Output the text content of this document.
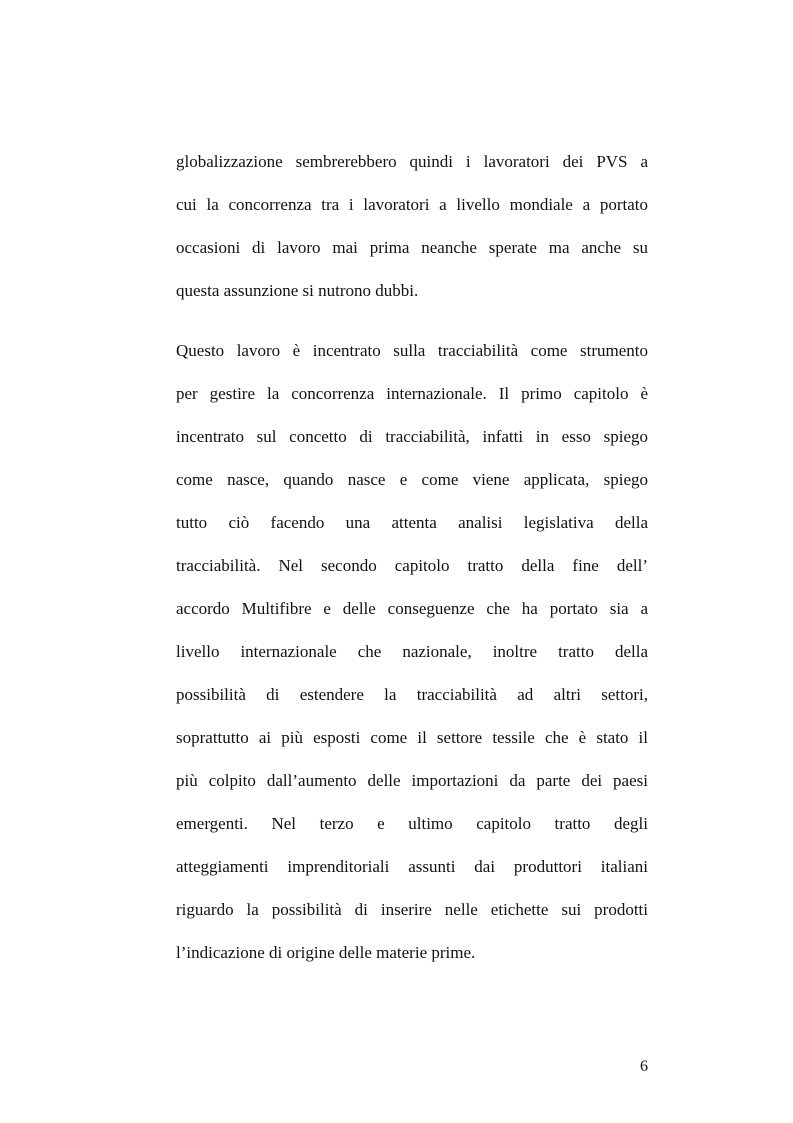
globalizzazione sembrerebbero quindi i lavoratori dei PVS a
cui la concorrenza tra i lavoratori a livello mondiale a portato
occasioni di lavoro mai prima neanche sperate ma anche su
questa assunzione si nutrono dubbi.
Questo lavoro è incentrato sulla tracciabilità come strumento
per gestire la concorrenza internazionale. Il primo capitolo è
incentrato sul concetto di tracciabilità, infatti in esso spiego
come nasce, quando nasce e come viene applicata, spiego
tutto ciò facendo una attenta analisi legislativa della
tracciabilità. Nel secondo capitolo tratto della fine dell’
accordo Multifibre e delle conseguenze che ha portato sia a
livello internazionale che nazionale, inoltre tratto della
possibilità di estendere la tracciabilità ad altri settori,
soprattutto ai più esposti come il settore tessile che è stato il
più colpito dall’aumento delle importazioni da parte dei paesi
emergenti. Nel terzo e ultimo capitolo tratto degli
atteggiamenti imprenditoriali assunti dai produttori italiani
riguardo la possibilità di inserire nelle etichette sui prodotti
l’indicazione di origine delle materie prime.
6
